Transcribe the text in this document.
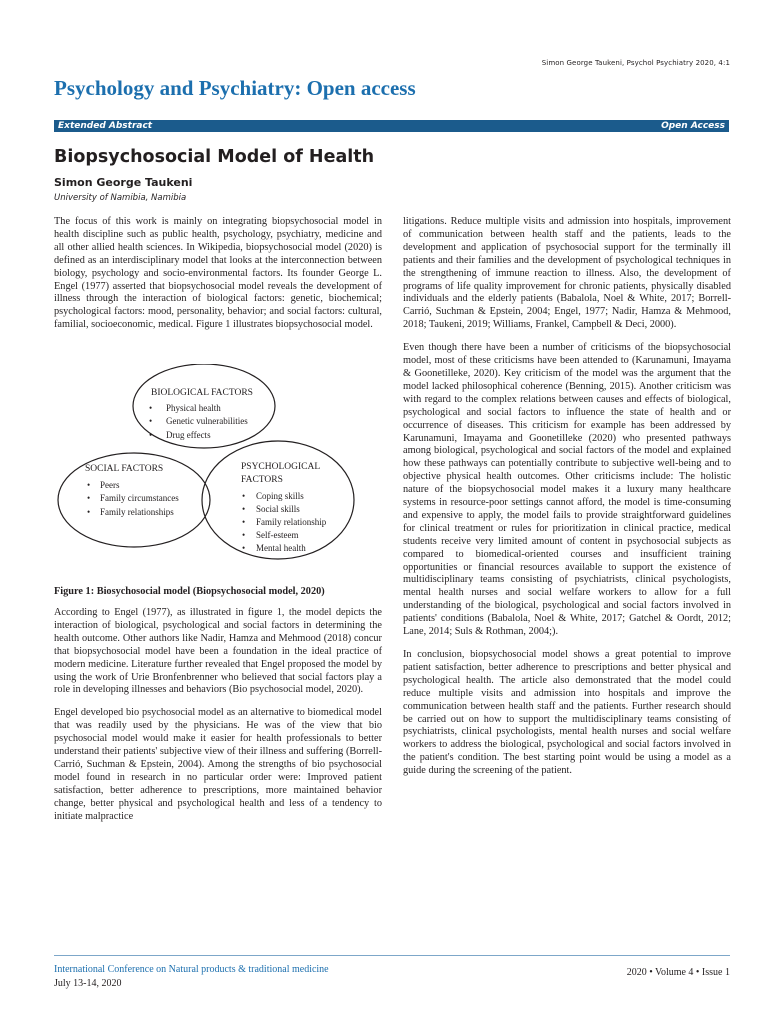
Simon George Taukeni, Psychol Psychiatry 2020, 4:1
Psychology and Psychiatry: Open access
Extended Abstract	Open Access
Biopsychosocial Model of Health
Simon George Taukeni
University of Namibia, Namibia

The focus of this work is mainly on integrating biopsychosocial model in health discipline such as public health, psychology, psychiatry, medicine and all other allied health sciences. In Wikipedia, biopsychosocial model (2020) is defined as an interdisciplinary model that looks at the interconnection between biology, psychology and socio-environmental factors. Its founder George L. Engel (1977) asserted that biopsychosocial model reveals the development of illness through the interaction of biological factors: genetic, biochemical; psychological factors: mood, personality, behavior; and social factors: cultural, familial, socioeconomic, medical. Figure 1 illustrates biopsychosocial model.

BIOLOGICAL FACTORS
• Physical health
• Genetic vulnerabilities
• Drug effects
SOCIAL FACTORS
• Peers
• Family circumstances
• Family relationships
PSYCHOLOGICAL
FACTORS
• Coping skills
• Social skills
• Family relationship
• Self-esteem
• Mental health
Figure 1: Biosychosocial model (Biopsychosocial model, 2020)

According to Engel (1977), as illustrated in figure 1, the model depicts the interaction of biological, psychological and social factors in determining the health outcome. Other authors like Nadir, Hamza and Mehmood (2018) concur that biopsychosocial model have been a foundation in the ideal practice of modern medicine. Literature further revealed that Engel proposed the model by using the work of Urie Bronfenbrenner who believed that social factors play a role in developing illnesses and behaviors (Bio psychosocial model, 2020).

Engel developed bio psychosocial model as an alternative to biomedical model that was readily used by the physicians. He was of the view that bio psychosocial model would make it easier for health professionals to better understand their patients' subjective view of their illness and suffering (Borrell-Carrió, Suchman & Epstein, 2004). Among the strengths of bio psychosocial model found in research in no particular order were: Improved patient satisfaction, better adherence to prescriptions, more maintained behavior change, better physical and psychological health and less of a tendency to initiate malpractice

litigations. Reduce multiple visits and admission into hospitals, improvement of communication between health staff and the patients, leads to the development and application of psychosocial support for the terminally ill patients and their families and the development of psychological techniques in the strengthening of immune reaction to illness. Also, the development of programs of life quality improvement for chronic patients, physically disabled individuals and the elderly patients (Babalola, Noel & White, 2017; Borrell-Carrió, Suchman & Epstein, 2004; Engel, 1977; Nadir, Hamza & Mehmood, 2018; Taukeni, 2019; Williams, Frankel, Campbell & Deci, 2000).

Even though there have been a number of criticisms of the biopsychosocial model, most of these criticisms have been attended to (Karunamuni, Imayama & Goonetilleke, 2020). Key criticism of the model was the argument that the model lacked philosophical coherence (Benning, 2015). Another criticism was with regard to the complex relations between causes and effects of biological, psychological and social factors to influence the state of health and or occurrence of diseases. This criticism for example has been addressed by Karunamuni, Imayama and Goonetilleke (2020) who presented pathways among biological, psychological and social factors of the model and explained how these pathways can potentially contribute to subjective well-being and to objective physical health outcomes. Other criticisms include: The holistic nature of the biopsychosocial model makes it a luxury many healthcare systems in resource-poor settings cannot afford, the model is time-consuming and expensive to apply, the model fails to provide straightforward guidelines for clinical treatment or rules for prioritization in clinical practice, medical students receive very limited amount of content in psychosocial subjects as compared to biomedical-oriented courses and insufficient training opportunities or financial resources available to support the existence of multidisciplinary teams consisting of psychiatrists, clinical psychologists, mental health nurses and social welfare workers to allow for a full understanding of the biological, psychological and social factors involved in patients' conditions (Babalola, Noel & White, 2017; Gatchel & Oordt, 2012; Lane, 2014; Suls & Rothman, 2004;).

In conclusion, biopsychosocial model shows a great potential to improve patient satisfaction, better adherence to prescriptions and better physical and psychological health. The article also demonstrated that the model could reduce multiple visits and admission into hospitals and improve the communication between health staff and the patients. Further research should be carried out on how to support the multidisciplinary teams consisting of psychiatrists, clinical psychologists, mental health nurses and social welfare workers to address the biological, psychological and social factors involved in the patient's condition. The best starting point would be using a model as a guide during the screening of the patient.

International Conference on Natural products & traditional medicine
July 13-14, 2020
2020 • Volume 4 • Issue 1
